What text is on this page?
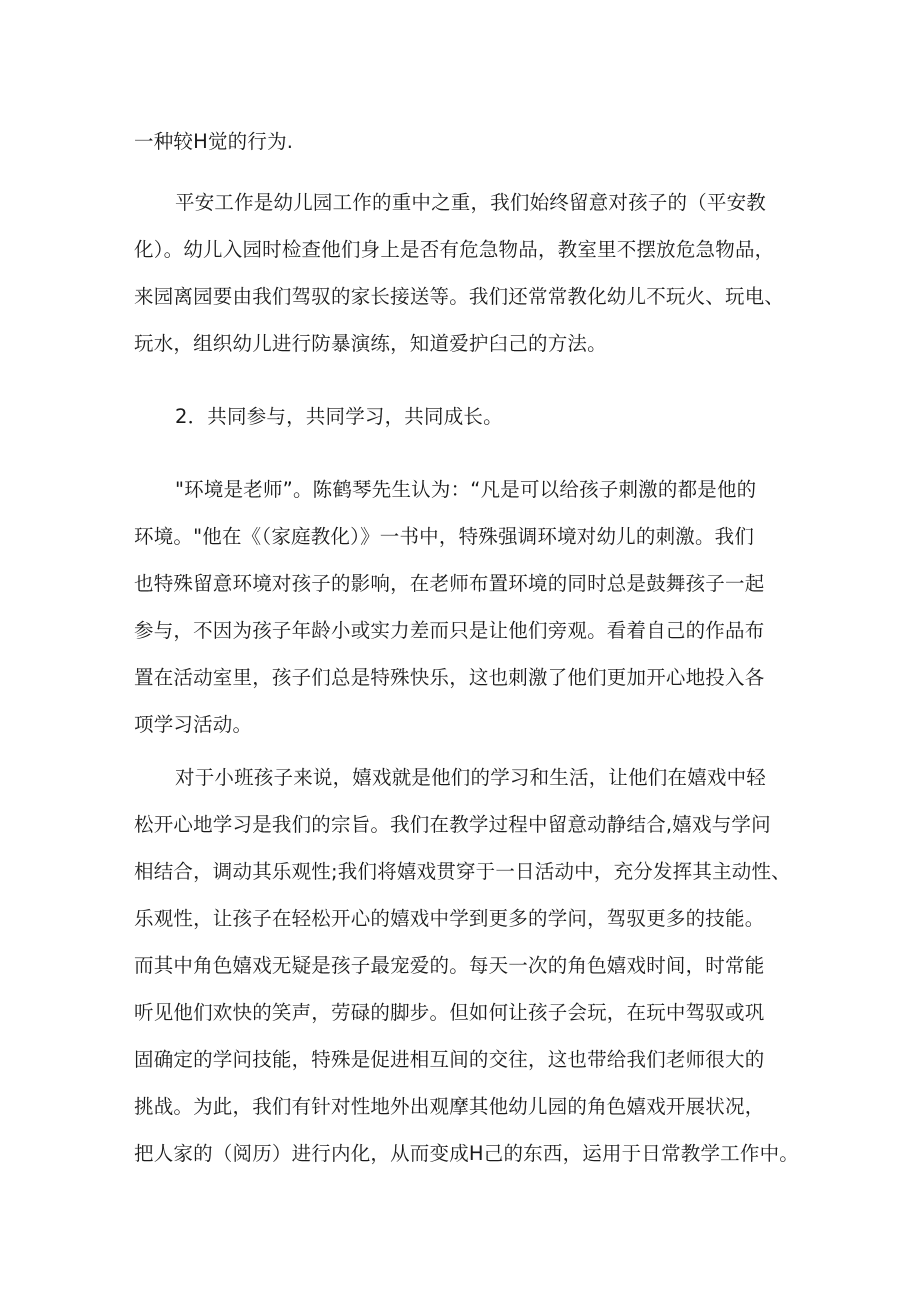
一种较H觉的行为.
平安工作是幼儿园工作的重中之重，我们始终留意对孩子的（平安教
化）。幼儿入园时检查他们身上是否有危急物品，教室里不摆放危急物品，
来园离园要由我们驾驭的家长接送等。我们还常常教化幼儿不玩火、玩电、
玩水，组织幼儿进行防暴演练，知道爱护臼己的方法。
2．共同参与，共同学习，共同成长。
"环境是老师”。陈鹤琴先生认为：“凡是可以给孩子刺激的都是他的
环境。"他在《（家庭教化）》一书中，特殊强调环境对幼儿的刺激。我们
也特殊留意环境对孩子的影响，在老师布置环境的同时总是鼓舞孩子一起
参与，不因为孩子年龄小或实力差而只是让他们旁观。看着自己的作品布
置在活动室里，孩子们总是特殊快乐，这也刺激了他们更加开心地投入各
项学习活动。
对于小班孩子来说，嬉戏就是他们的学习和生活，让他们在嬉戏中轻
松开心地学习是我们的宗旨。我们在教学过程中留意动静结合,嬉戏与学问
相结合，调动其乐观性;我们将嬉戏贯穿于一日活动中，充分发挥其主动性、
乐观性，让孩子在轻松开心的嬉戏中学到更多的学问，驾驭更多的技能。
而其中角色嬉戏无疑是孩子最宠爱的。每天一次的角色嬉戏时间，时常能
听见他们欢快的笑声，劳碌的脚步。但如何让孩子会玩，在玩中驾驭或巩
固确定的学问技能，特殊是促进相互间的交往，这也带给我们老师很大的
挑战。为此，我们有针对性地外出观摩其他幼儿园的角色嬉戏开展状况，
把人家的（阅历）进行内化，从而变成H己的东西，运用于日常教学工作中。
